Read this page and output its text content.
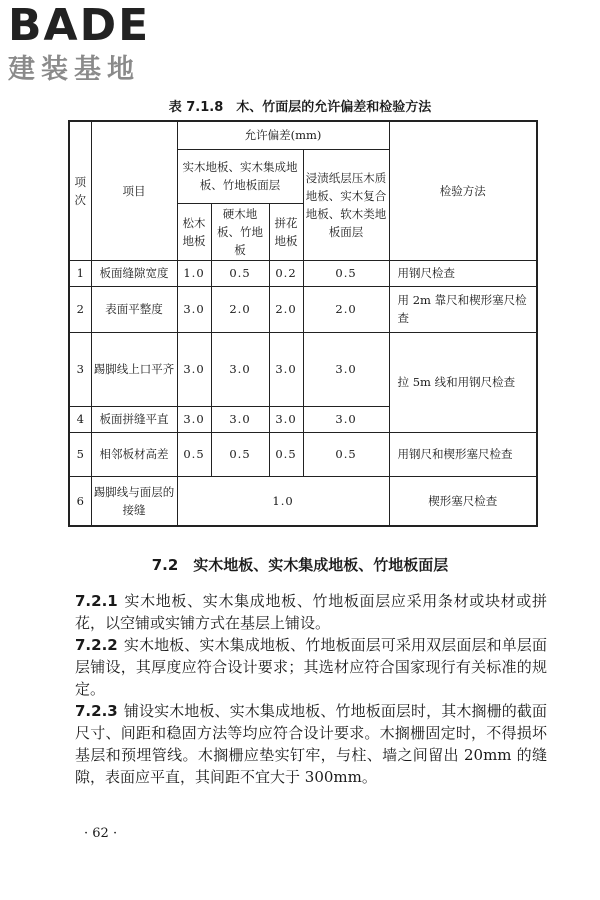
BADE
建装基地
表 7.1.8　木、竹面层的允许偏差和检验方法
项次	项目	允许偏差(mm)				检验方法
		实木地板、实木集成地板、竹地板面层			浸渍纸层压木质地板、实木复合地板、软木类地板面层	
		松木地板	硬木地板、竹地板	拼花地板		
1	板面缝隙宽度	1.0	0.5	0.2	0.5	用钢尺检查
2	表面平整度	3.0	2.0	2.0	2.0	用 2m 靠尺和楔形塞尺检查
3	踢脚线上口平齐	3.0	3.0	3.0	3.0	拉 5m 线和用钢尺检查
4	板面拼缝平直	3.0	3.0	3.0	3.0	
5	相邻板材高差	0.5	0.5	0.5	0.5	用钢尺和楔形塞尺检查
6	踢脚线与面层的接缝	1.0				楔形塞尺检查
7.2　实木地板、实木集成地板、竹地板面层

7.2.1 实木地板、实木集成地板、竹地板面层应采用条材或块材或拼花，以空铺或实铺方式在基层上铺设。

7.2.2 实木地板、实木集成地板、竹地板面层可采用双层面层和单层面层铺设，其厚度应符合设计要求；其选材应符合国家现行有关标准的规定。

7.2.3 铺设实木地板、实木集成地板、竹地板面层时，其木搁栅的截面尺寸、间距和稳固方法等均应符合设计要求。木搁栅固定时，不得损坏基层和预埋管线。木搁栅应垫实钉牢，与柱、墙之间留出 20mm 的缝隙，表面应平直，其间距不宜大于 300mm。

· 62 ·
